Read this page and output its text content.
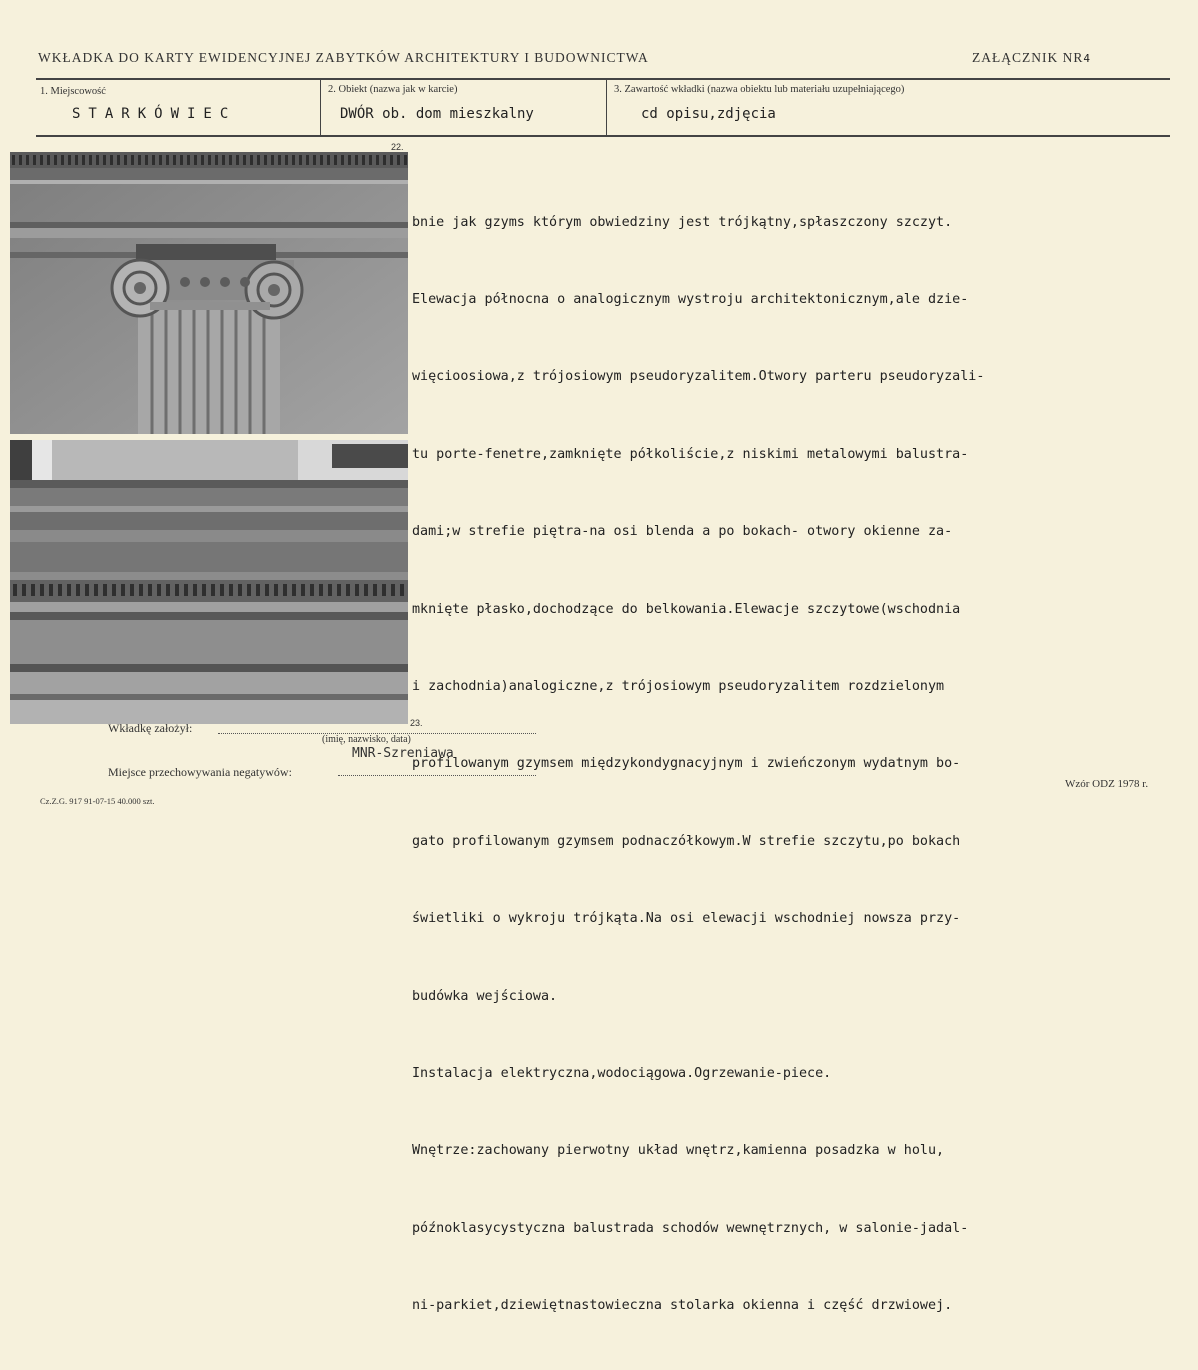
WKŁADKA DO KARTY EWIDENCYJNEJ ZABYTKÓW ARCHITEKTURY I BUDOWNICTWA	ZAŁĄCZNIK NR4
1. Miejscowość
STARKÓWIEC
2. Obiekt (nazwa jak w karcie)
DWÓR ob. dom mieszkalny
3. Zawartość wkładki (nazwa obiektu lub materiału uzupełniającego)
cd opisu,zdjęcia
22.
23.

bnie jak gzyms którym obwiedziny jest trójkątny,spłaszczony szczyt.

Elewacja północna o analogicznym wystroju architektonicznym,ale dzie-

więcioosiowa,z trójosiowym pseudoryzalitem.Otwory parteru pseudoryzali-

tu porte-fenetre,zamknięte półkoliście,z niskimi metalowymi balustra-

dami;w strefie piętra-na osi blenda a po bokach- otwory okienne za-

mknięte płasko,dochodzące do belkowania.Elewacje szczytowe(wschodnia

i zachodnia)analogiczne,z trójosiowym pseudoryzalitem rozdzielonym

profilowanym gzymsem międzykondygnacyjnym i zwieńczonym wydatnym bo-

gato profilowanym gzymsem podnaczółkowym.W strefie szczytu,po bokach

świetliki o wykroju trójkąta.Na osi elewacji wschodniej nowsza przy-

budówka wejściowa.

Instalacja elektryczna,wodociągowa.Ogrzewanie-piece.

Wnętrze:zachowany pierwotny układ wnętrz,kamienna posadzka w holu,

późnoklasycystyczna balustrada schodów wewnętrznych, w salonie-jadal-

ni-parkiet,dziewiętnastowieczna stolarka okienna i część drzwiowej.

Wkładkę założył:
(imię, nazwisko, data)
MNR-Szreniawa
Miejsce przechowywania negatywów:
Cz.Z.G. 917 91-07-15 40.000 szt.
Wzór ODZ 1978 r.
